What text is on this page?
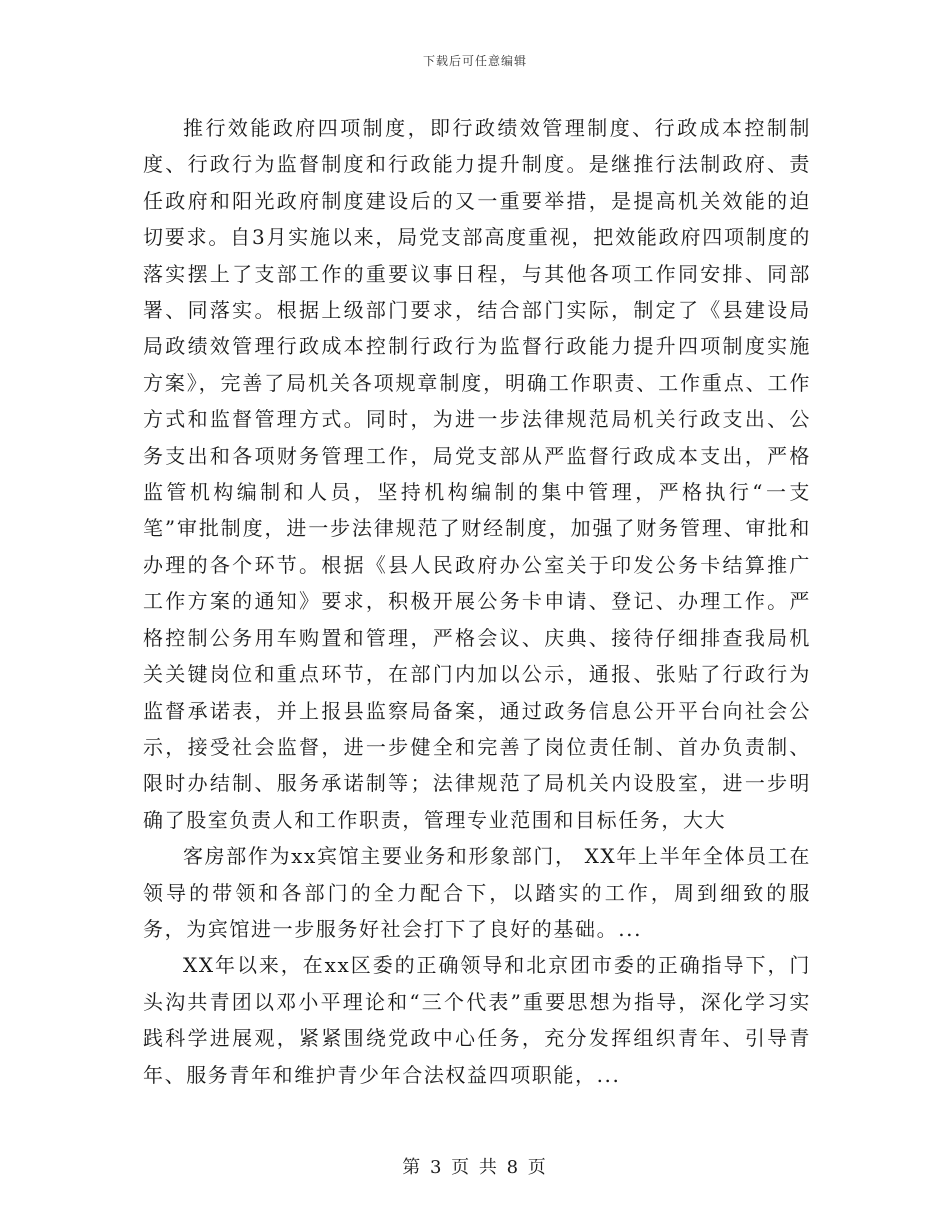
下载后可任意编辑

推行效能政府四项制度，即行政绩效管理制度、行政成本控制制度、行政行为监督制度和行政能力提升制度。是继推行法制政府、责任政府和阳光政府制度建设后的又一重要举措，是提高机关效能的迫切要求。自3月实施以来，局党支部高度重视，把效能政府四项制度的落实摆上了支部工作的重要议事日程，与其他各项工作同安排、同部署、同落实。根据上级部门要求，结合部门实际，制定了《县建设局局政绩效管理行政成本控制行政行为监督行政能力提升四项制度实施方案》，完善了局机关各项规章制度，明确工作职责、工作重点、工作方式和监督管理方式。同时，为进一步法律规范局机关行政支出、公务支出和各项财务管理工作，局党支部从严监督行政成本支出，严格监管机构编制和人员，坚持机构编制的集中管理，严格执行“一支笔”审批制度，进一步法律规范了财经制度，加强了财务管理、审批和办理的各个环节。根据《县人民政府办公室关于印发公务卡结算推广工作方案的通知》要求，积极开展公务卡申请、登记、办理工作。严格控制公务用车购置和管理，严格会议、庆典、接待仔细排查我局机关关键岗位和重点环节，在部门内加以公示，通报、张贴了行政行为监督承诺表，并上报县监察局备案，通过政务信息公开平台向社会公示，接受社会监督，进一步健全和完善了岗位责任制、首办负责制、限时办结制、服务承诺制等；法律规范了局机关内设股室，进一步明确了股室负责人和工作职责，管理专业范围和目标任务，大大

客房部作为xx宾馆主要业务和形象部门， XX年上半年全体员工在领导的带领和各部门的全力配合下，以踏实的工作，周到细致的服务，为宾馆进一步服务好社会打下了良好的基础。...

XX年以来，在xx区委的正确领导和北京团市委的正确指导下，门头沟共青团以邓小平理论和“三个代表”重要思想为指导，深化学习实践科学进展观，紧紧围绕党政中心任务，充分发挥组织青年、引导青年、服务青年和维护青少年合法权益四项职能，...

第 3 页 共 8 页
